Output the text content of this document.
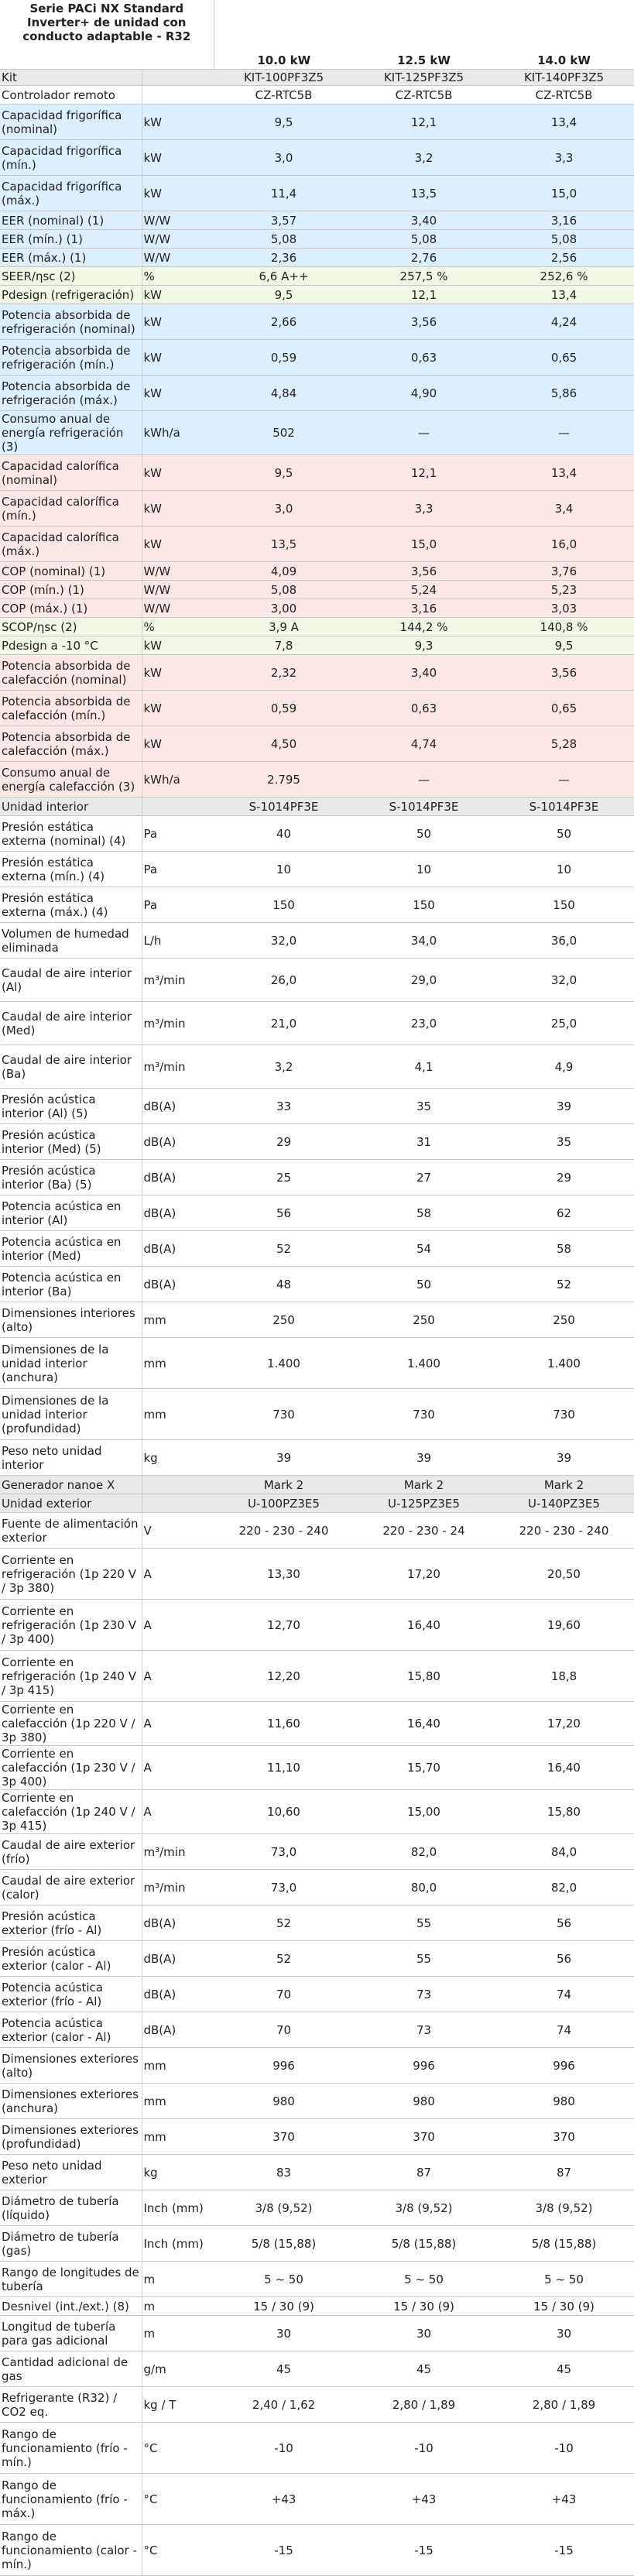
Serie PACi NX Standard Inverter+ de unidad con conducto adaptable - R32		10.0 kW	12.5 kW	14.0 kW
Kit		KIT-100PF3Z5	KIT-125PF3Z5	KIT-140PF3Z5
Controlador remoto		CZ-RTC5B	CZ-RTC5B	CZ-RTC5B
Capacidad frigorífica (nominal)	kW	9,5	12,1	13,4
Capacidad frigorífica (mín.)	kW	3,0	3,2	3,3
Capacidad frigorífica (máx.)	kW	11,4	13,5	15,0
EER (nominal) (1)	W/W	3,57	3,40	3,16
EER (mín.) (1)	W/W	5,08	5,08	5,08
EER (máx.) (1)	W/W	2,36	2,76	2,56
SEER/ηsc (2)	%	6,6 A++	257,5 %	252,6 %
Pdesign (refrigeración)	kW	9,5	12,1	13,4
Potencia absorbida de refrigeración (nominal)	kW	2,66	3,56	4,24
Potencia absorbida de refrigeración (mín.)	kW	0,59	0,63	0,65
Potencia absorbida de refrigeración (máx.)	kW	4,84	4,90	5,86
Consumo anual de energía refrigeración (3)	kWh/a	502	—	—
Capacidad calorífica (nominal)	kW	9,5	12,1	13,4
Capacidad calorífica (mín.)	kW	3,0	3,3	3,4
Capacidad calorífica (máx.)	kW	13,5	15,0	16,0
COP (nominal) (1)	W/W	4,09	3,56	3,76
COP (mín.) (1)	W/W	5,08	5,24	5,23
COP (máx.) (1)	W/W	3,00	3,16	3,03
SCOP/ηsc (2)	%	3,9 A	144,2 %	140,8 %
Pdesign a -10 °C	kW	7,8	9,3	9,5
Potencia absorbida de calefacción (nominal)	kW	2,32	3,40	3,56
Potencia absorbida de calefacción (mín.)	kW	0,59	0,63	0,65
Potencia absorbida de calefacción (máx.)	kW	4,50	4,74	5,28
Consumo anual de energía calefacción (3)	kWh/a	2.795	—	—
Unidad interior		S-1014PF3E	S-1014PF3E	S-1014PF3E
Presión estática externa (nominal) (4)	Pa	40	50	50
Presión estática externa (mín.) (4)	Pa	10	10	10
Presión estática externa (máx.) (4)	Pa	150	150	150
Volumen de humedad eliminada	L/h	32,0	34,0	36,0
Caudal de aire interior (Al)	m³/min	26,0	29,0	32,0
Caudal de aire interior (Med)	m³/min	21,0	23,0	25,0
Caudal de aire interior (Ba)	m³/min	3,2	4,1	4,9
Presión acústica interior (Al) (5)	dB(A)	33	35	39
Presión acústica interior (Med) (5)	dB(A)	29	31	35
Presión acústica interior (Ba) (5)	dB(A)	25	27	29
Potencia acústica en interior (Al)	dB(A)	56	58	62
Potencia acústica en interior (Med)	dB(A)	52	54	58
Potencia acústica en interior (Ba)	dB(A)	48	50	52
Dimensiones interiores (alto)	mm	250	250	250
Dimensiones de la unidad interior (anchura)	mm	1.400	1.400	1.400
Dimensiones de la unidad interior (profundidad)	mm	730	730	730
Peso neto unidad interior	kg	39	39	39
Generador nanoe X		Mark 2	Mark 2	Mark 2
Unidad exterior		U-100PZ3E5	U-125PZ3E5	U-140PZ3E5
Fuente de alimentación exterior	V	220 - 230 - 240	220 - 230 - 24	220 - 230 - 240
Corriente en refrigeración (1p 220 V / 3p 380)	A	13,30	17,20	20,50
Corriente en refrigeración (1p 230 V / 3p 400)	A	12,70	16,40	19,60
Corriente en refrigeración (1p 240 V / 3p 415)	A	12,20	15,80	18,8
Corriente en calefacción (1p 220 V / 3p 380)	A	11,60	16,40	17,20
Corriente en calefacción (1p 230 V / 3p 400)	A	11,10	15,70	16,40
Corriente en calefacción (1p 240 V / 3p 415)	A	10,60	15,00	15,80
Caudal de aire exterior (frío)	m³/min	73,0	82,0	84,0
Caudal de aire exterior (calor)	m³/min	73,0	80,0	82,0
Presión acústica exterior (frío - Al)	dB(A)	52	55	56
Presión acústica exterior (calor - Al)	dB(A)	52	55	56
Potencia acústica exterior (frío - Al)	dB(A)	70	73	74
Potencia acústica exterior (calor - Al)	dB(A)	70	73	74
Dimensiones exteriores (alto)	mm	996	996	996
Dimensiones exteriores (anchura)	mm	980	980	980
Dimensiones exteriores (profundidad)	mm	370	370	370
Peso neto unidad exterior	kg	83	87	87
Diámetro de tubería (líquido)	Inch (mm)	3/8 (9,52)	3/8 (9,52)	3/8 (9,52)
Diámetro de tubería (gas)	Inch (mm)	5/8 (15,88)	5/8 (15,88)	5/8 (15,88)
Rango de longitudes de tubería	m	5 ~ 50	5 ~ 50	5 ~ 50
Desnivel (int./ext.) (8)	m	15 / 30 (9)	15 / 30 (9)	15 / 30 (9)
Longitud de tubería para gas adicional	m	30	30	30
Cantidad adicional de gas	g/m	45	45	45
Refrigerante (R32) / CO2 eq.	kg / T	2,40 / 1,62	2,80 / 1,89	2,80 / 1,89
Rango de funcionamiento (frío - mín.)	°C	-10	-10	-10
Rango de funcionamiento (frío - máx.)	°C	+43	+43	+43
Rango de funcionamiento (calor - mín.)	°C	-15	-15	-15
